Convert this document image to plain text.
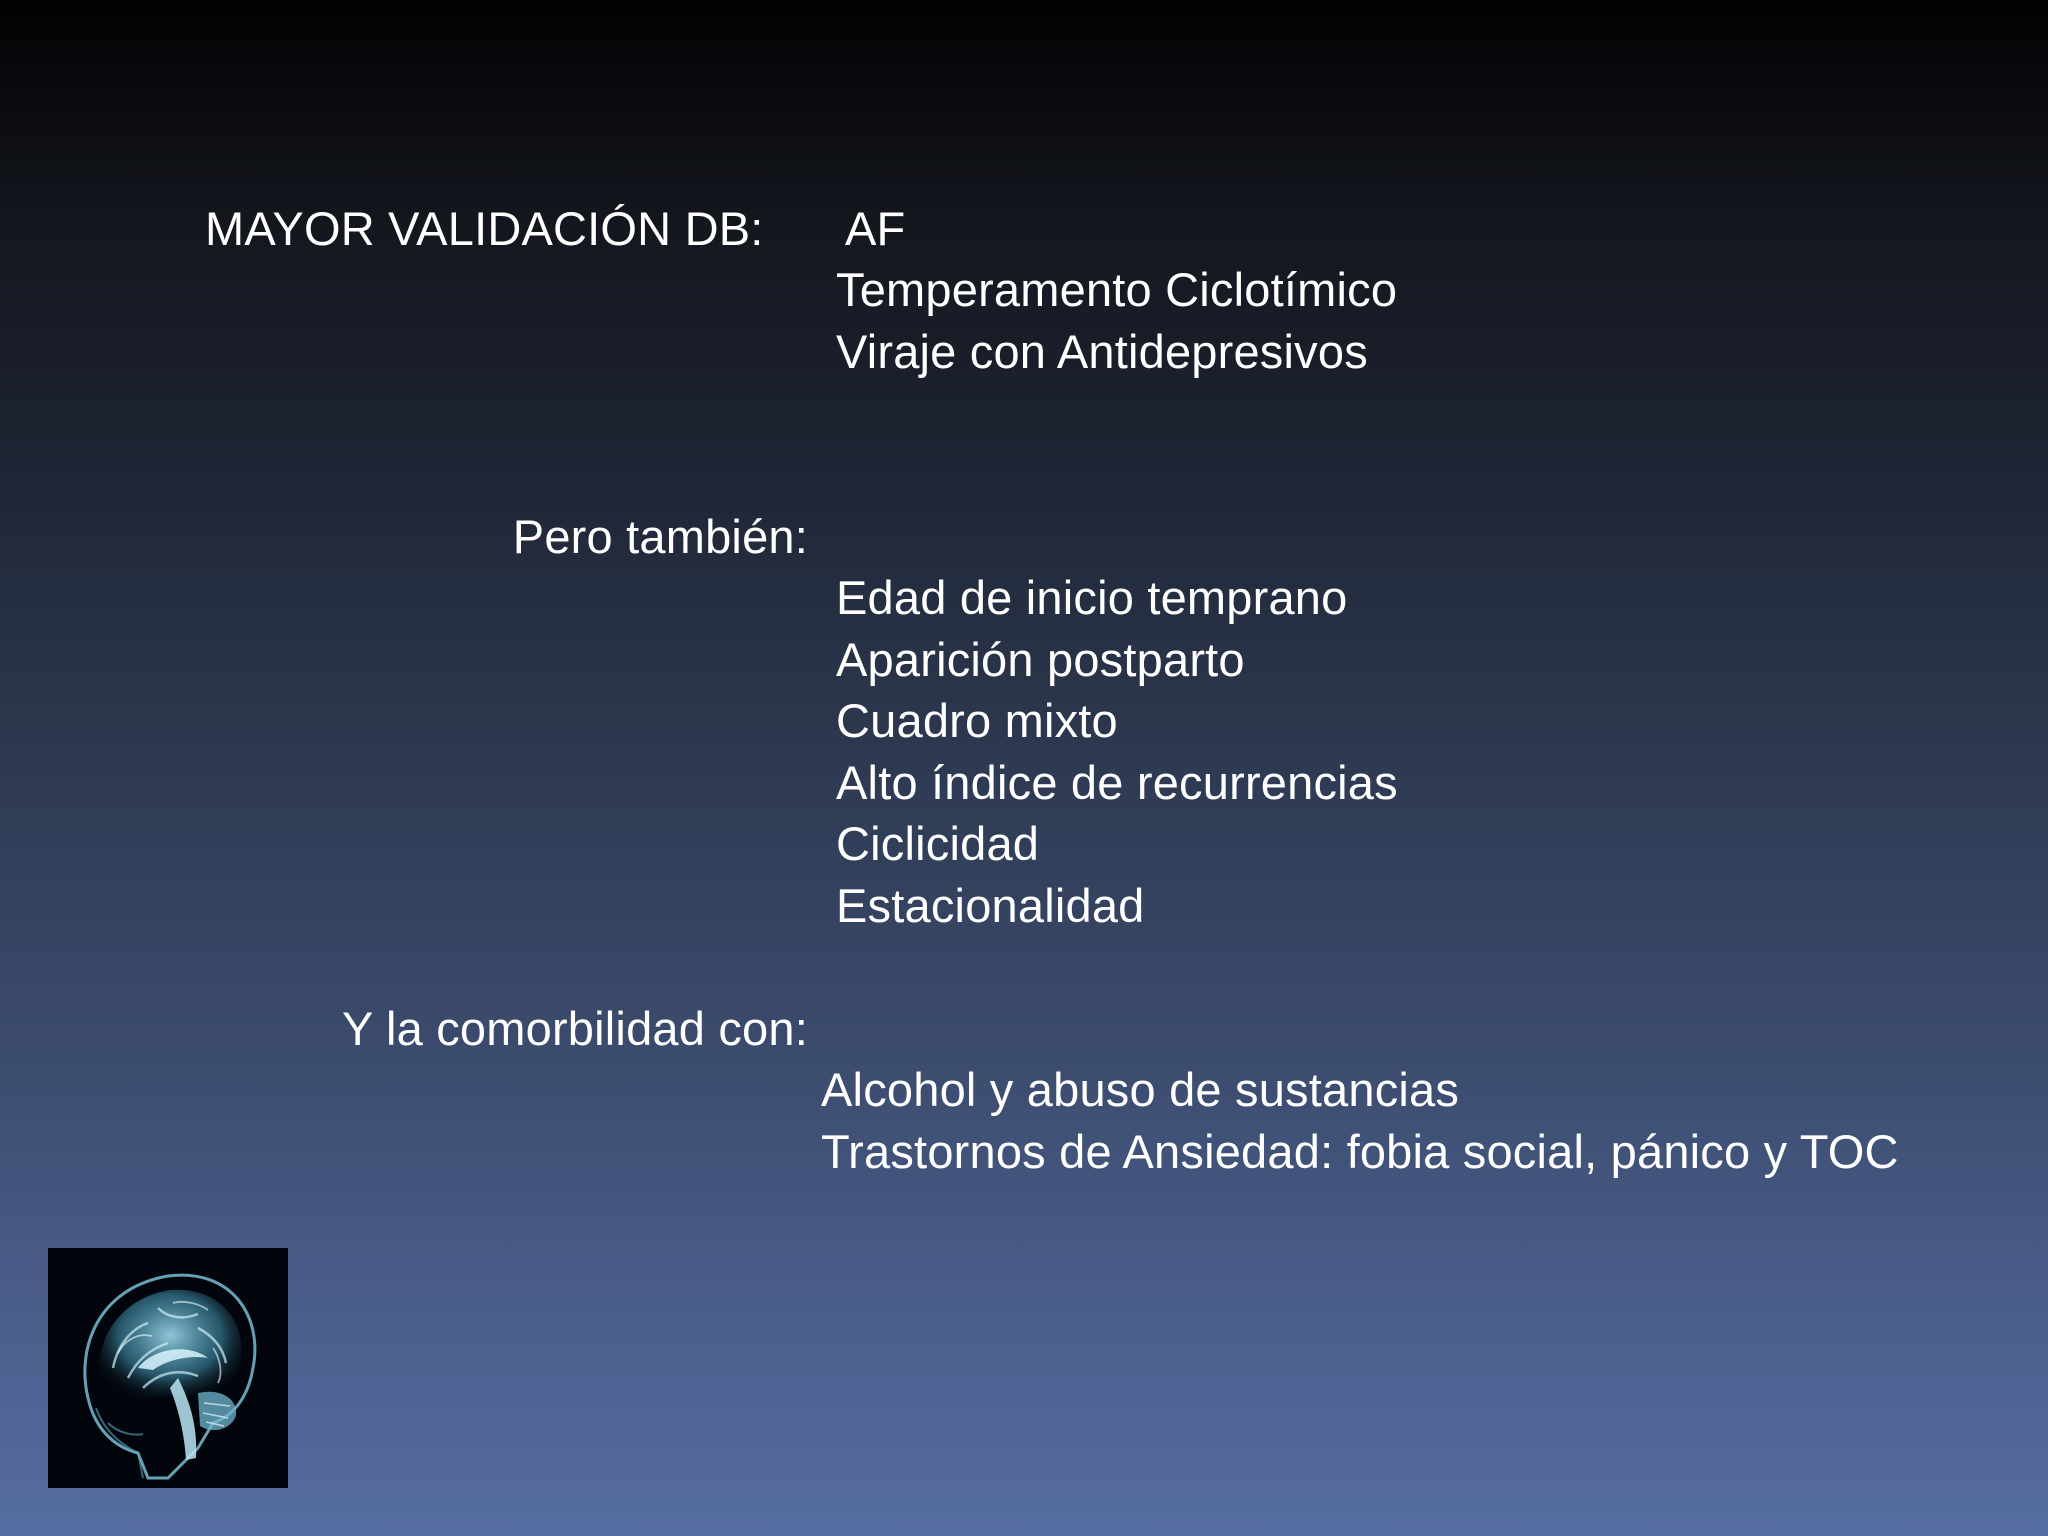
MAYOR VALIDACIÓN DB: AF
Temperamento Ciclotímico
Viraje con Antidepresivos
Pero también:
Edad de inicio temprano
Aparición postparto
Cuadro mixto
Alto índice de recurrencias
Ciclicidad
Estacionalidad
Y la comorbilidad con:
Alcohol y abuso de sustancias
Trastornos de Ansiedad: fobia social, pánico y TOC
